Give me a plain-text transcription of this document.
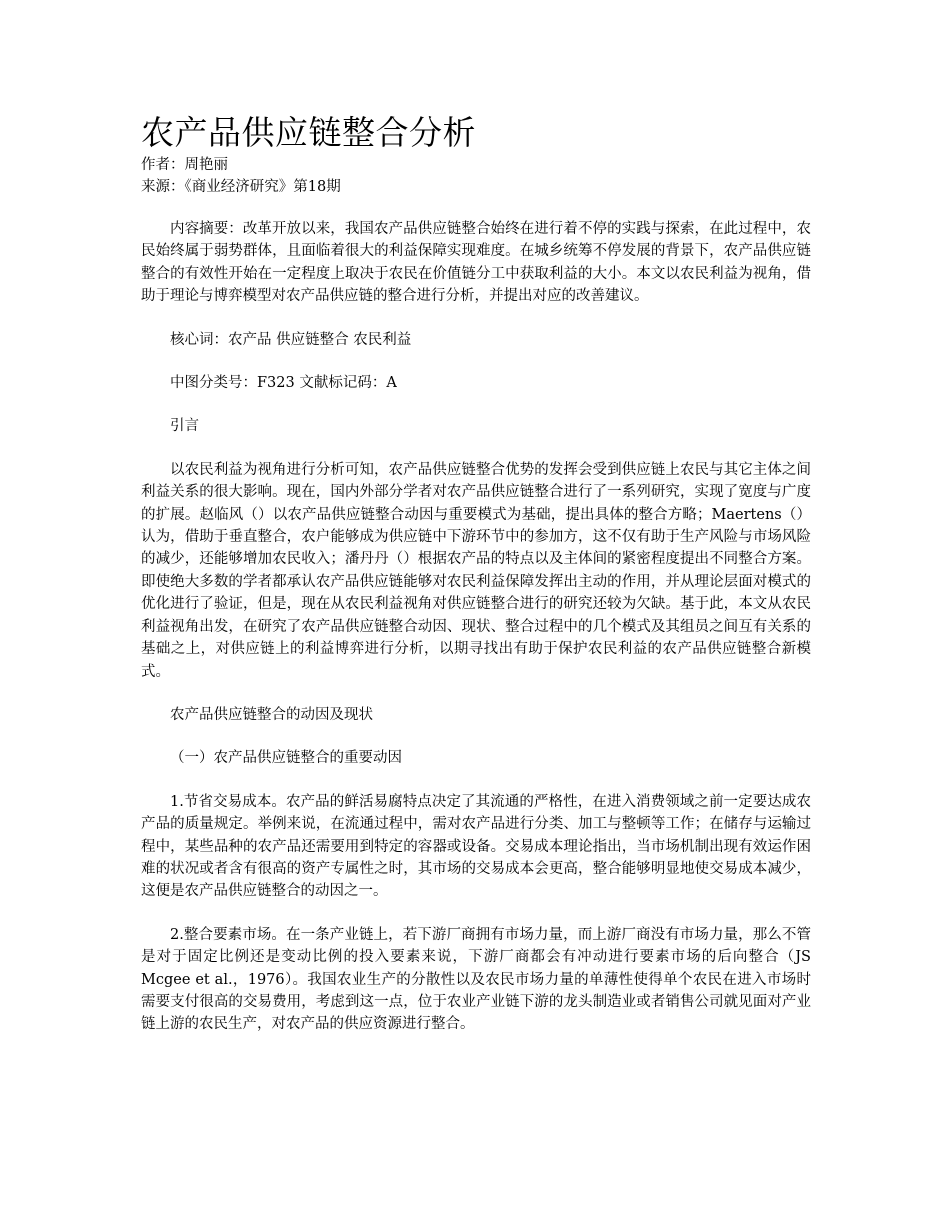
农产品供应链整合分析

作者：周艳丽

来源：《商业经济研究》第18期

内容摘要：改革开放以来，我国农产品供应链整合始终在进行着不停的实践与探索，在此过程中，农民始终属于弱势群体，且面临着很大的利益保障实现难度。在城乡统筹不停发展的背景下，农产品供应链整合的有效性开始在一定程度上取决于农民在价值链分工中获取利益的大小。本文以农民利益为视角，借助于理论与博弈模型对农产品供应链的整合进行分析，并提出对应的改善建议。

核心词：农产品 供应链整合 农民利益

中图分类号：F323 文献标记码：A

引言

以农民利益为视角进行分析可知，农产品供应链整合优势的发挥会受到供应链上农民与其它主体之间利益关系的很大影响。现在，国内外部分学者对农产品供应链整合进行了一系列研究，实现了宽度与广度的扩展。赵临风（）以农产品供应链整合动因与重要模式为基础，提出具体的整合方略；Maertens（）认为，借助于垂直整合，农户能够成为供应链中下游环节中的参加方，这不仅有助于生产风险与市场风险的减少，还能够增加农民收入；潘丹丹（）根据农产品的特点以及主体间的紧密程度提出不同整合方案。即使绝大多数的学者都承认农产品供应链能够对农民利益保障发挥出主动的作用，并从理论层面对模式的优化进行了验证，但是，现在从农民利益视角对供应链整合进行的研究还较为欠缺。基于此，本文从农民利益视角出发，在研究了农产品供应链整合动因、现状、整合过程中的几个模式及其组员之间互有关系的基础之上，对供应链上的利益博弈进行分析，以期寻找出有助于保护农民利益的农产品供应链整合新模式。

农产品供应链整合的动因及现状

（一）农产品供应链整合的重要动因

1.节省交易成本。农产品的鲜活易腐特点决定了其流通的严格性，在进入消费领域之前一定要达成农产品的质量规定。举例来说，在流通过程中，需对农产品进行分类、加工与整顿等工作；在储存与运输过程中，某些品种的农产品还需要用到特定的容器或设备。交易成本理论指出，当市场机制出现有效运作困难的状况或者含有很高的资产专属性之时，其市场的交易成本会更高，整合能够明显地使交易成本减少，这便是农产品供应链整合的动因之一。

2.整合要素市场。在一条产业链上，若下游厂商拥有市场力量，而上游厂商没有市场力量，那么不管是对于固定比例还是变动比例的投入要素来说，下游厂商都会有冲动进行要素市场的后向整合（JS Mcgee et al.，1976）。我国农业生产的分散性以及农民市场力量的单薄性使得单个农民在进入市场时需要支付很高的交易费用，考虑到这一点，位于农业产业链下游的龙头制造业或者销售公司就见面对产业链上游的农民生产，对农产品的供应资源进行整合。
